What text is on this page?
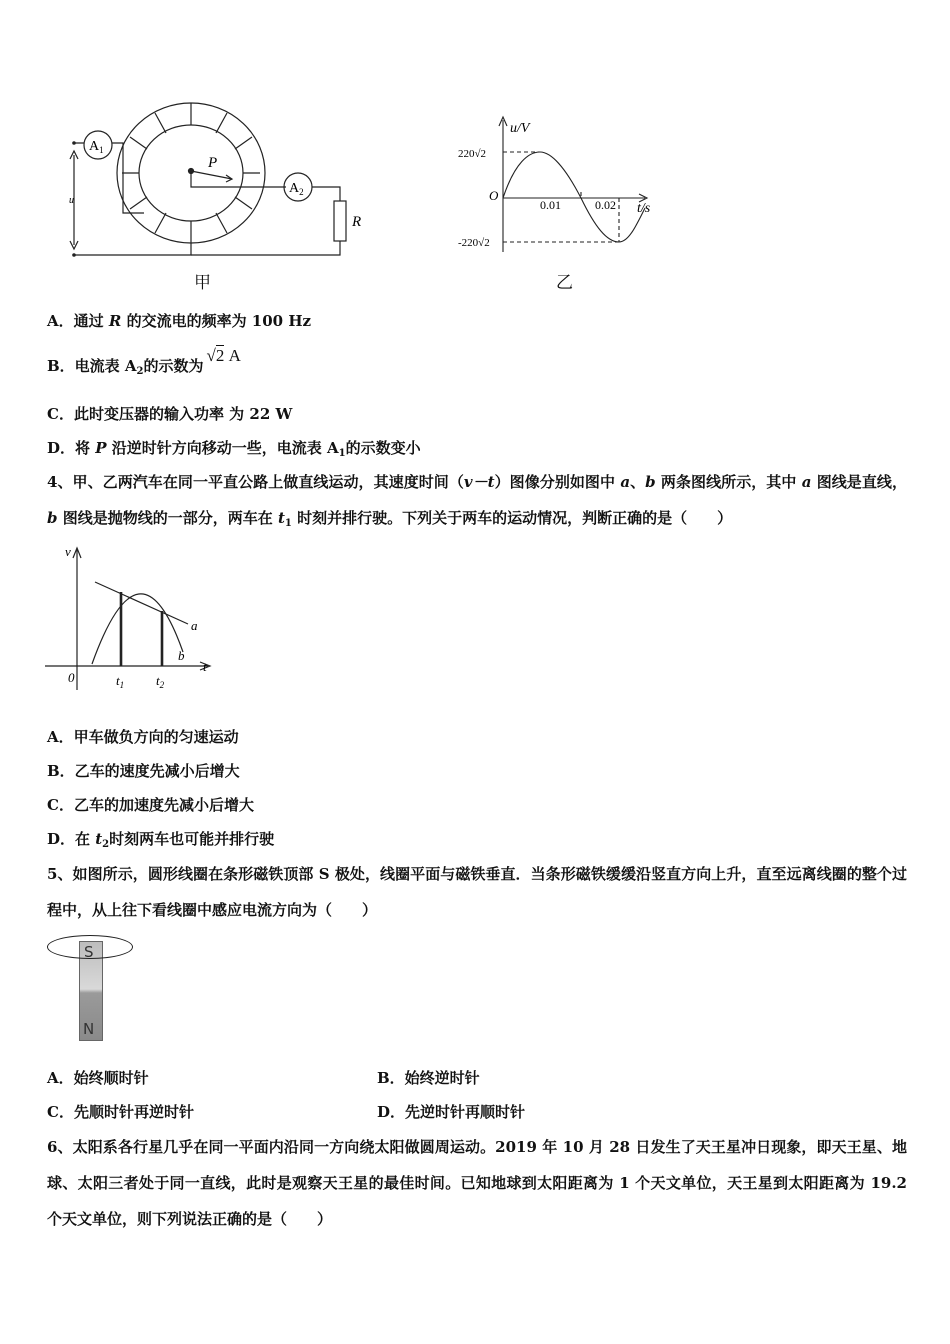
$A_1$
$A_2$
P
R
u
甲
u/V
t/s
O
220√2
-220√2
0.01	0.02
乙
A．通过 R 的交流电的频率为 100 Hz
B．电流表 $A_2$的示数为√2 A
C．此时变压器的输入功率 为 22 W
D．将 P 沿逆时针方向移动一些，电流表 $A_1$的示数变小
4、甲、乙两汽车在同一平直公路上做直线运动，其速度时间（v－t）图像分别如图中 a、b 两条图线所示，其中 a 图线是直线，b 图线是抛物线的一部分，两车在 $t_1$ 时刻并排行驶。下列关于两车的运动情况，判断正确的是（　　）
v
t
0
a
b
$t_1$ $t_2$
A．甲车做负方向的匀速运动
B．乙车的速度先减小后增大
C．乙车的加速度先减小后增大
D．在 $t_2$时刻两车也可能并排行驶
5、如图所示，圆形线圈在条形磁铁顶部 S 极处，线圈平面与磁铁垂直．当条形磁铁缓缓沿竖直方向上升，直至远离线圈的整个过程中，从上往下看线圈中感应电流方向为（　　）
S
N
A．始终顺时针	B．始终逆时针
C．先顺时针再逆时针	D．先逆时针再顺时针
6、太阳系各行星几乎在同一平面内沿同一方向绕太阳做圆周运动。2019 年 10 月 28 日发生了天王星冲日现象，即天王星、地球、太阳三者处于同一直线，此时是观察天王星的最佳时间。已知地球到太阳距离为 1 个天文单位，天王星到太阳距离为 19.2 个天文单位，则下列说法正确的是（　　）
